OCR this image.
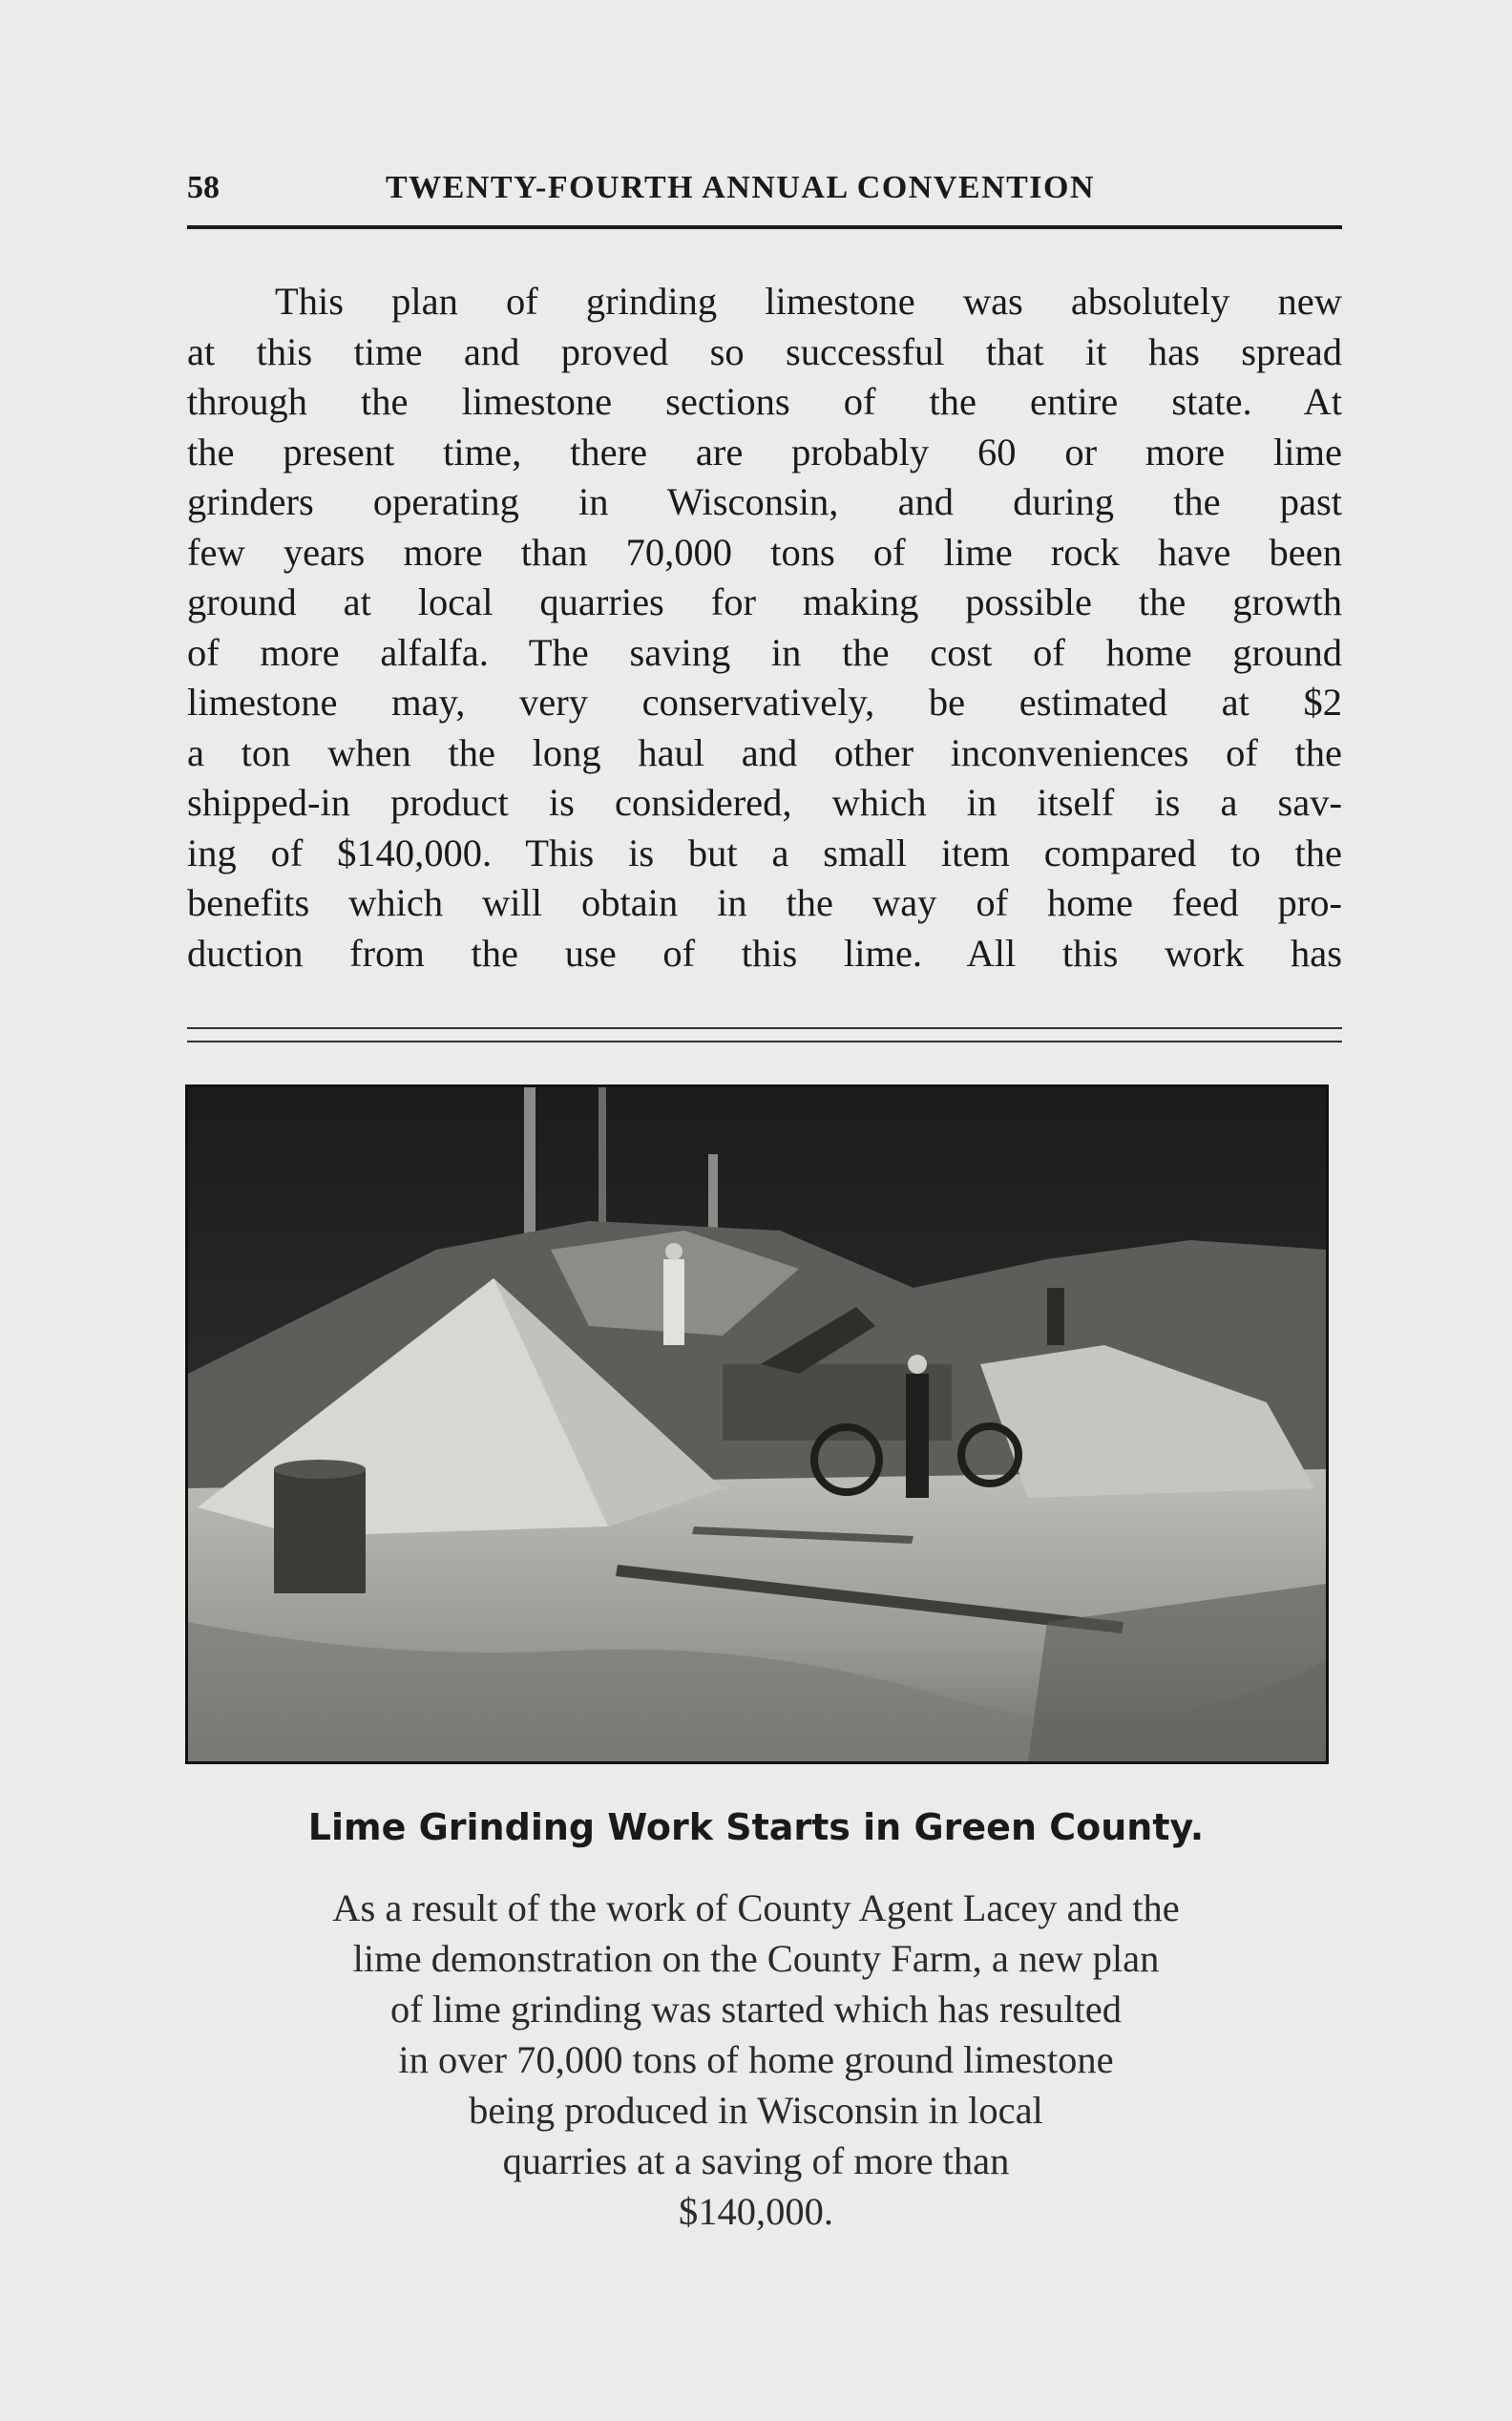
58	TWENTY-FOURTH ANNUAL CONVENTION
This plan of grinding limestone was absolutely new
at this time and proved so successful that it has spread
through the limestone sections of the entire state. At
the present time, there are probably 60 or more lime
grinders operating in Wisconsin, and during the past
few years more than 70,000 tons of lime rock have been
ground at local quarries for making possible the growth
of more alfalfa. The saving in the cost of home ground
limestone may, very conservatively, be estimated at $2
a ton when the long haul and other inconveniences of the
shipped-in product is considered, which in itself is a sav-
ing of $140,000. This is but a small item compared to the
benefits which will obtain in the way of home feed pro-
duction from the use of this lime. All this work has

Lime Grinding Work Starts in Green County.

As a result of the work of County Agent Lacey and the
lime demonstration on the County Farm, a new plan
of lime grinding was started which has resulted
in over 70,000 tons of home ground limestone
being produced in Wisconsin in local
quarries at a saving of more than
$140,000.
